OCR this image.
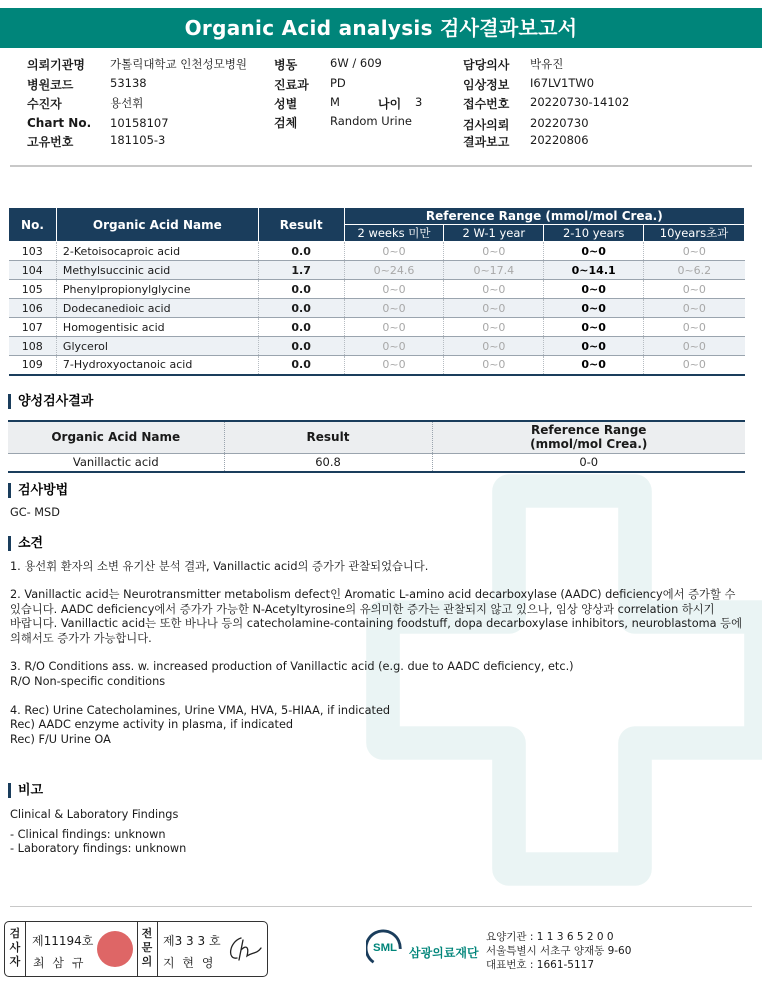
Organic Acid analysis 검사결과보고서
의뢰기관명 가톨릭대학교 인천성모병원
병원코드	53138
수진자	용선휘
Chart No. 10158107
고유번호	181105-3
병동	6W / 609
진료과 PD
성별	M	나이 3
검체	Random Urine
담당의사 박유진
임상정보 I67LV1TW0
접수번호 20220730-14102
검사의뢰 20220730
결과보고 20220806
No.	Organic Acid Name	Result	Reference Range (mmol/mol Crea.)			
			2 weeks 미만	2 W-1 year	2-10 years	10years초과
103	2-Ketoisocaproic acid	0.0	0~0	0~0	0~0	0~0
104	Methylsuccinic acid	1.7	0~24.6	0~17.4	0~14.1	0~6.2
105	Phenylpropionylglycine	0.0	0~0	0~0	0~0	0~0
106	Dodecanedioic acid	0.0	0~0	0~0	0~0	0~0
107	Homogentisic acid	0.0	0~0	0~0	0~0	0~0
108	Glycerol	0.0	0~0	0~0	0~0	0~0
109	7-Hydroxyoctanoic acid	0.0	0~0	0~0	0~0	0~0
양성검사결과
Organic Acid Name	Result	Reference Range
(mmol/mol Crea.)

Vanillactic acid	60.8	0-0
검사방법
GC- MSD
소견
1. 용선휘 환자의 소변 유기산 분석 결과, Vanillactic acid의 증가가 관찰되었습니다.
2. Vanillactic acid는 Neurotransmitter metabolism defect인 Aromatic L-amino acid decarboxylase (AADC) deficiency에서 증가할 수
있습니다. AADC deficiency에서 증가가 가능한 N-Acetyltyrosine의 유의미한 증가는 관찰되지 않고 있으나, 임상 양상과 correlation 하시기
바랍니다. Vanillactic acid는 또한 바나나 등의 catecholamine-containing foodstuff, dopa decarboxylase inhibitors, neuroblastoma 등에
의해서도 증가가 가능합니다.
3. R/O Conditions ass. w. increased production of Vanillactic acid (e.g. due to AADC deficiency, etc.)
R/O Non-specific conditions
4. Rec) Urine Catecholamines, Urine VMA, HVA, 5-HIAA, if indicated
Rec) AADC enzyme activity in plasma, if indicated
Rec) F/U Urine OA
비고
Clinical & Laboratory Findings
- Clinical findings: unknown
- Laboratory findings: unknown
검
사
자
제11194호
최 삼 규
전
문
의
제3 3 3 호
지 현 영
SML 삼광의료재단
요양기관 : 1 1 3 6 5 2 0 0
서울특별시 서초구 양재동 9-60
대표번호 : 1661-5117
